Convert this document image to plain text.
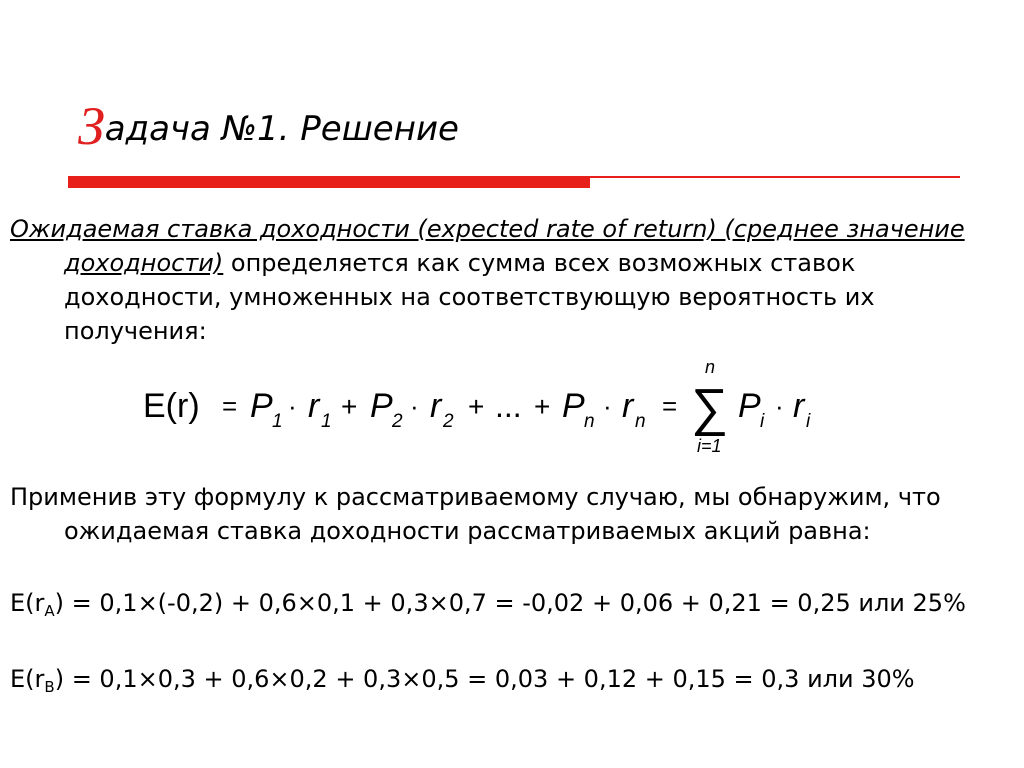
Задача №1. Решение
Ожидаемая ставка доходности (expected rate of return) (среднее значение доходности) определяется как сумма всех возможных ставок доходности, умноженных на соответствующую вероятность их получения:
E(r) = P 1
· r 1 + P 2
· r 2 + ... + P n
· r n
=
n
∑
i=1
P i
· r i
Применив эту формулу к рассматриваемому случаю, мы обнаружим, что ожидаемая ставка доходности рассматриваемых акций равна:
$E(r_A) = 0,1\times(-0,2) + 0,6\times 0,1 + 0,3\times 0,7 = -0,02 + 0,06 + 0,21 = 0,25$ или 25%
$E(r_B) = 0,1\times 0,3 + 0,6\times 0,2 + 0,3\times 0,5 = 0,03 + 0,12 + 0,15 = 0,3$ или 30%
